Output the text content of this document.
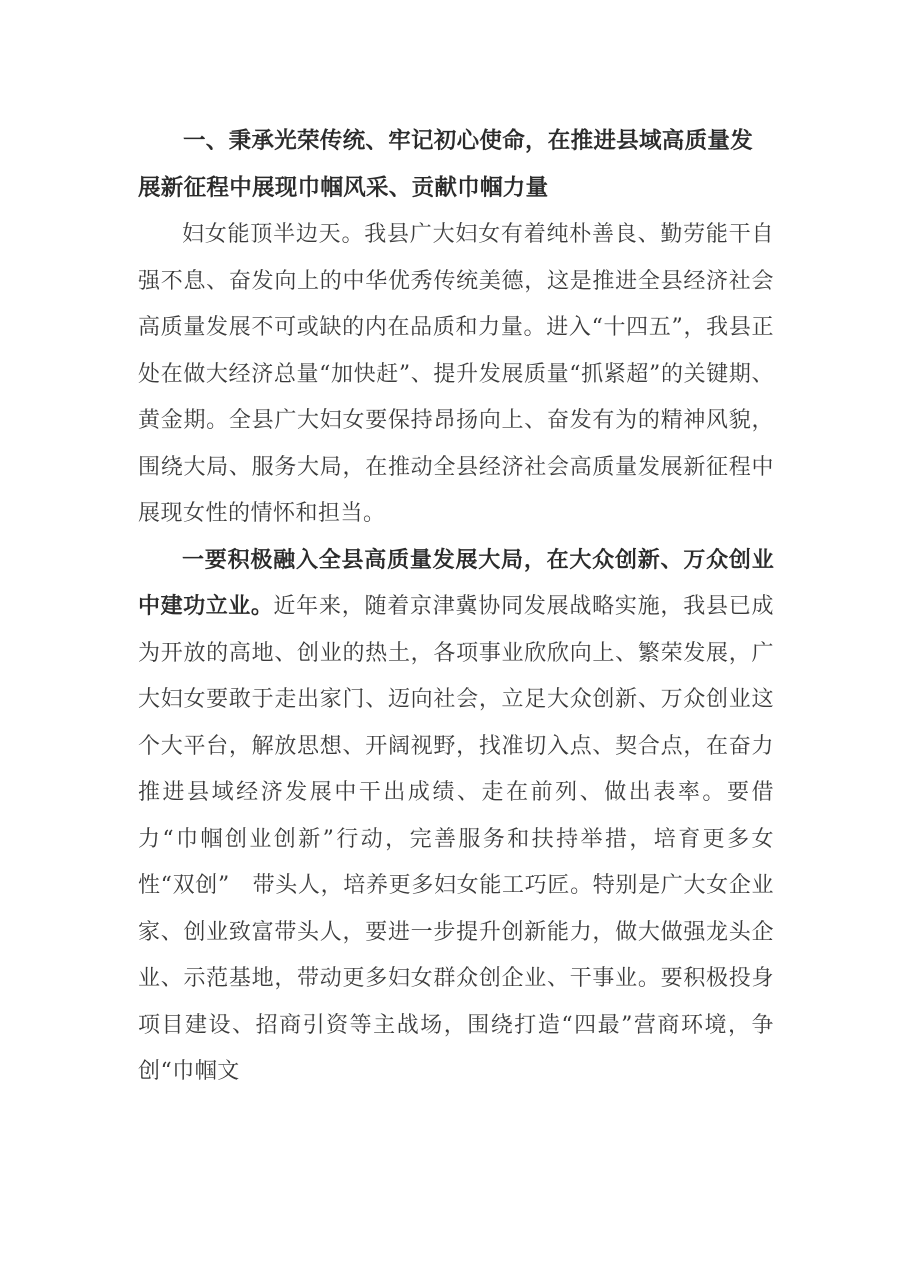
一、秉承光荣传统、牢记初心使命，在推进县域高质量发展新征程中展现巾帼风采、贡献巾帼力量

妇女能顶半边天。我县广大妇女有着纯朴善良、勤劳能干自强不息、奋发向上的中华优秀传统美德，这是推进全县经济社会高质量发展不可或缺的内在品质和力量。进入“十四五”，我县正处在做大经济总量“加快赶”、提升发展质量“抓紧超”的关键期、黄金期。全县广大妇女要保持昂扬向上、奋发有为的精神风貌，围绕大局、服务大局，在推动全县经济社会高质量发展新征程中展现女性的情怀和担当。

一要积极融入全县高质量发展大局，在大众创新、万众创业中建功立业。近年来，随着京津冀协同发展战略实施，我县已成为开放的高地、创业的热土，各项事业欣欣向上、繁荣发展，广大妇女要敢于走出家门、迈向社会，立足大众创新、万众创业这个大平台，解放思想、开阔视野，找准切入点、契合点，在奋力推进县域经济发展中干出成绩、走在前列、做出表率。要借力“巾帼创业创新”行动，完善服务和扶持举措，培育更多女性“双创”　带头人，培养更多妇女能工巧匠。特别是广大女企业家、创业致富带头人，要进一步提升创新能力，做大做强龙头企业、示范基地，带动更多妇女群众创企业、干事业。要积极投身项目建设、招商引资等主战场，围绕打造“四最”营商环境，争创“巾帼文
